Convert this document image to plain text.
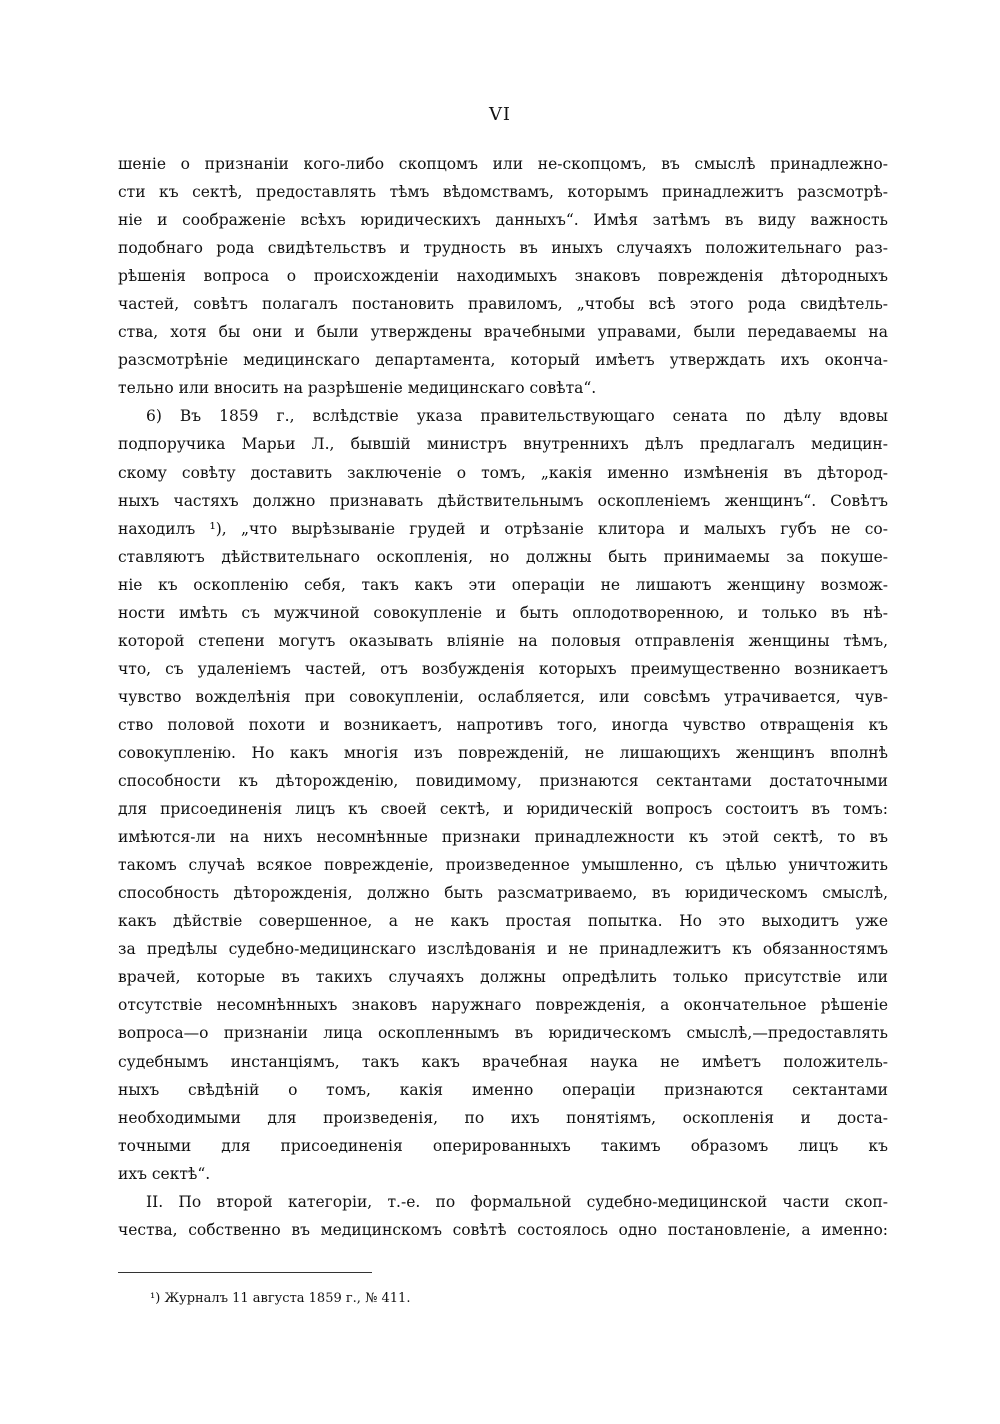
VI
шеніе о признаніи кого-либо скопцомъ или не-скопцомъ, въ смыслѣ принадлежно-
сти къ сектѣ, предоставлять тѣмъ вѣдомствамъ, которымъ принадлежитъ разсмотрѣ-
ніе и соображеніе всѣхъ юридическихъ данныхъ“. Имѣя затѣмъ въ виду важность
подобнаго рода свидѣтельствъ и трудность въ иныхъ случаяхъ положительнаго раз-
рѣшенія вопроса о происхожденіи находимыхъ знаковъ поврежденія дѣтородныхъ
частей, совѣтъ полагалъ постановить правиломъ, „чтобы всѣ этого рода свидѣтель-
ства, хотя бы они и были утверждены врачебными управами, были передаваемы на
разсмотрѣніе медицинскаго департамента, который имѣетъ утверждать ихъ оконча-
тельно или вносить на разрѣшеніе медицинскаго совѣта“.
6) Въ 1859 г., вслѣдствіе указа правительствующаго сената по дѣлу вдовы
подпоручика Марьи Л., бывшій министръ внутреннихъ дѣлъ предлагалъ медицин-
скому совѣту доставить заключеніе о томъ, „какія именно измѣненія въ дѣтород-
ныхъ частяхъ должно признавать дѣйствительнымъ оскопленіемъ женщинъ“. Совѣтъ
находилъ ¹), „что вырѣзываніе грудей и отрѣзаніе клитора и малыхъ губъ не со-
ставляютъ дѣйствительнаго оскопленія, но должны быть принимаемы за покуше-
ніе къ оскопленію себя, такъ какъ эти операціи не лишаютъ женщину возмож-
ности имѣть съ мужчиной совокупленіе и быть оплодотворенною, и только въ нѣ-
которой степени могутъ оказывать вліяніе на половыя отправленія женщины тѣмъ,
что, съ удаленіемъ частей, отъ возбужденія которыхъ преимущественно возникаетъ
чувство вожделѣнія при совокупленіи, ослабляется, или совсѣмъ утрачивается, чув-
ство половой похоти и возникаетъ, напротивъ того, иногда чувство отвращенія къ
совокупленію. Но какъ многія изъ поврежденій, не лишающихъ женщинъ вполнѣ
способности къ дѣторожденію, повидимому, признаются сектантами достаточными
для присоединенія лицъ къ своей сектѣ, и юридическій вопросъ состоитъ въ томъ:
имѣются-ли на нихъ несомнѣнные признаки принадлежности къ этой сектѣ, то въ
такомъ случаѣ всякое поврежденіе, произведенное умышленно, съ цѣлью уничтожить
способность дѣторожденія, должно быть разсматриваемо, въ юридическомъ смыслѣ,
какъ дѣйствіе совершенное, а не какъ простая попытка. Но это выходитъ уже
за предѣлы судебно-медицинскаго изслѣдованія и не принадлежитъ къ обязанностямъ
врачей, которые въ такихъ случаяхъ должны опредѣлить только присутствіе или
отсутствіе несомнѣнныхъ знаковъ наружнаго поврежденія, а окончательное рѣшеніе
вопроса—о признаніи лица оскопленнымъ въ юридическомъ смыслѣ,—предоставлять
судебнымъ инстанціямъ, такъ какъ врачебная наука не имѣетъ положитель-
ныхъ свѣдѣній о томъ, какія именно операціи признаются сектантами
необходимыми для произведенія, по ихъ понятіямъ, оскопленія и доста-
точными для присоединенія оперированныхъ такимъ образомъ лицъ къ
ихъ сектѣ“.
II. По второй категоріи, т.-е. по формальной судебно-медицинской части скоп-
чества, собственно въ медицинскомъ совѣтѣ состоялось одно постановленіе, а именно:
¹) Журналъ 11 августа 1859 г., № 411.
